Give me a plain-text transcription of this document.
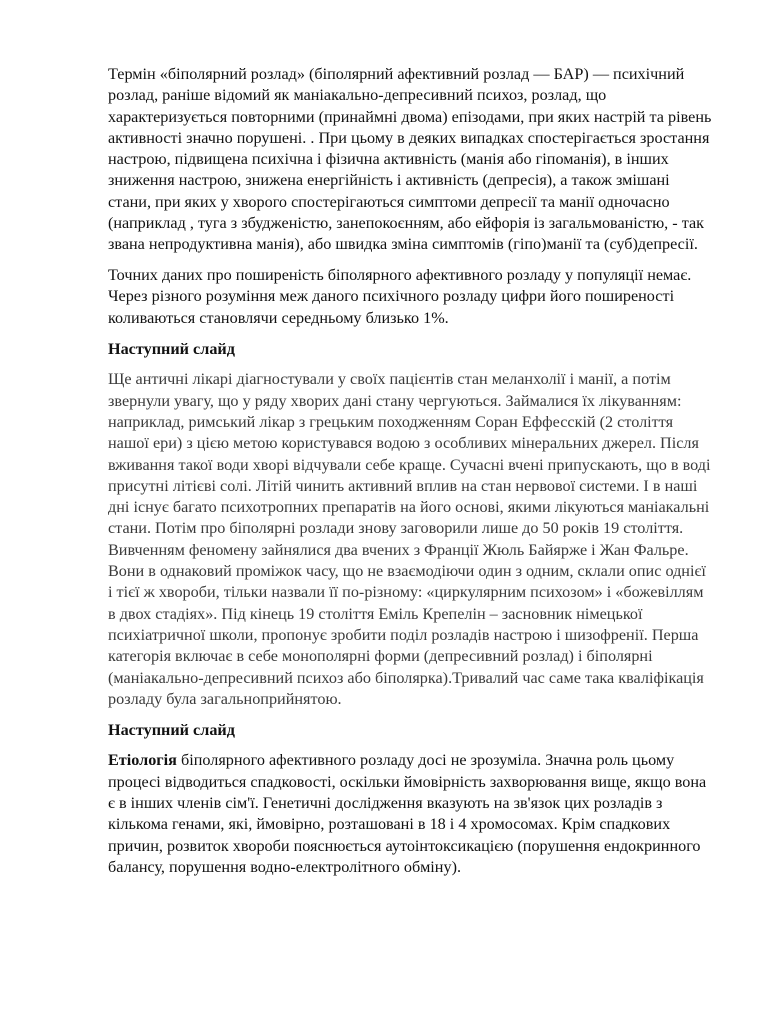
Термін «біполярний розлад» (біполярний афективний розлад — БАР) — психічний розлад, раніше відомий як маніакально-депресивний психоз, розлад, що характеризується повторними (принаймні двома) епізодами, при яких настрій та рівень активності значно порушені. . При цьому в деяких випадках спостерігається зростання настрою, підвищена психічна і фізична активність (манія або гіпоманія), в інших зниження настрою, знижена енергійність і активність (депресія), а також змішані стани, при яких у хворого спостерігаються симптоми депресії та манії одночасно (наприклад , туга з збудженістю, занепокоєнням, або ейфорія із загальмованістю, - так звана непродуктивна манія), або швидка зміна симптомів (гіпо)манії та (суб)депресії.

Точних даних про поширеність біполярного афективного розладу у популяції немає. Через різного розуміння меж даного психічного розладу цифри його поширеності коливаються становлячи середньому близько 1%.

Наступний слайд

Ще античні лікарі діагностували у своїх пацієнтів стан меланхолії і манії, а потім звернули увагу, що у ряду хворих дані стану чергуються. Займалися їх лікуванням: наприклад, римський лікар з грецьким походженням Соран Еффесскій (2 століття нашої ери) з цією метою користувався водою з особливих мінеральних джерел. Після вживання такої води хворі відчували себе краще. Сучасні вчені припускають, що в воді присутні літієві солі. Літій чинить активний вплив на стан нервової системи. І в наші дні існує багато психотропних препаратів на його основі, якими лікуються маніакальні стани. Потім про біполярні розлади знову заговорили лише до 50 років 19 століття. Вивченням феномену зайнялися два вчених з Франції Жюль Байярже і Жан Фальре. Вони в однаковий проміжок часу, що не взаємодіючи один з одним, склали опис однієї і тієї ж хвороби, тільки назвали її по-різному: «циркулярним психозом» і «божевіллям в двох стадіях». Під кінець 19 століття Еміль Крепелін – засновник німецької психіатричної школи, пропонує зробити поділ розладів настрою і шизофренії. Перша категорія включає в себе монополярні форми (депресивний розлад) і біполярні (маніакально-депресивний психоз або біполярка).Тривалий час саме така кваліфікація розладу була загальноприйнятою.

Наступний слайд

Етіологія біполярного афективного розладу досі не зрозуміла. Значна роль цьому процесі відводиться спадковості, оскільки ймовірність захворювання вище, якщо вона є в інших членів сім'ї. Генетичні дослідження вказують на зв'язок цих розладів з кількома генами, які, ймовірно, розташовані в 18 і 4 хромосомах. Крім спадкових причин, розвиток хвороби пояснюється аутоінтоксикацією (порушення ендокринного балансу, порушення водно-електролітного обміну).
